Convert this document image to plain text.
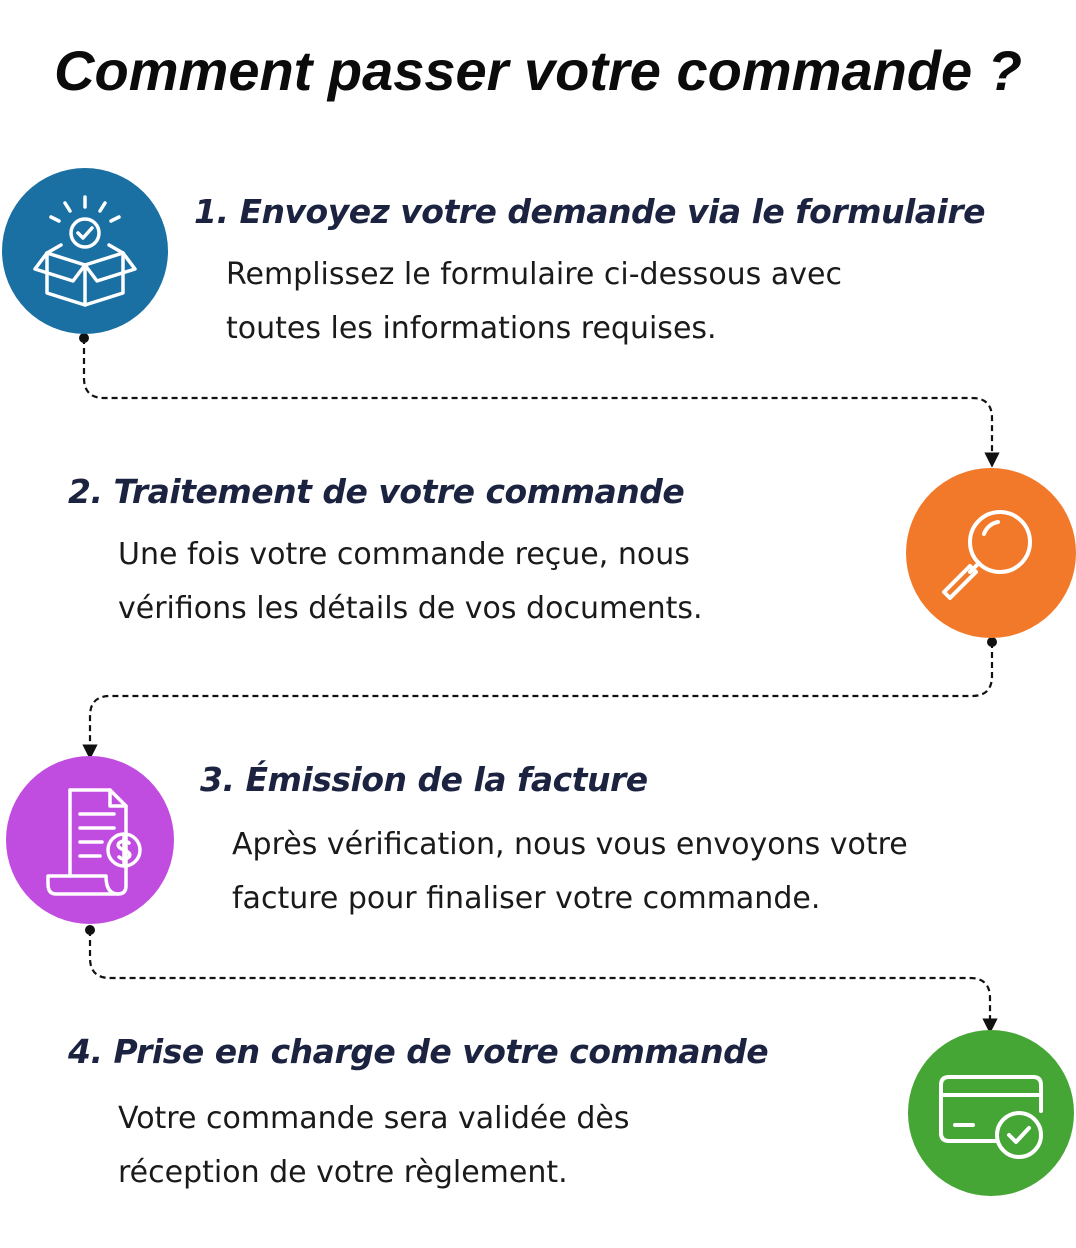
Comment passer votre commande ?
1. Envoyez votre demande via le formulaire
Remplissez le formulaire ci-dessous avec
toutes les informations requises.
2. Traitement de votre commande
Une fois votre commande reçue, nous
vérifions les détails de vos documents.
3. Émission de la facture
Après vérification, nous vous envoyons votre
facture pour finaliser votre commande.
4. Prise en charge de votre commande
Votre commande sera validée dès
réception de votre règlement.
